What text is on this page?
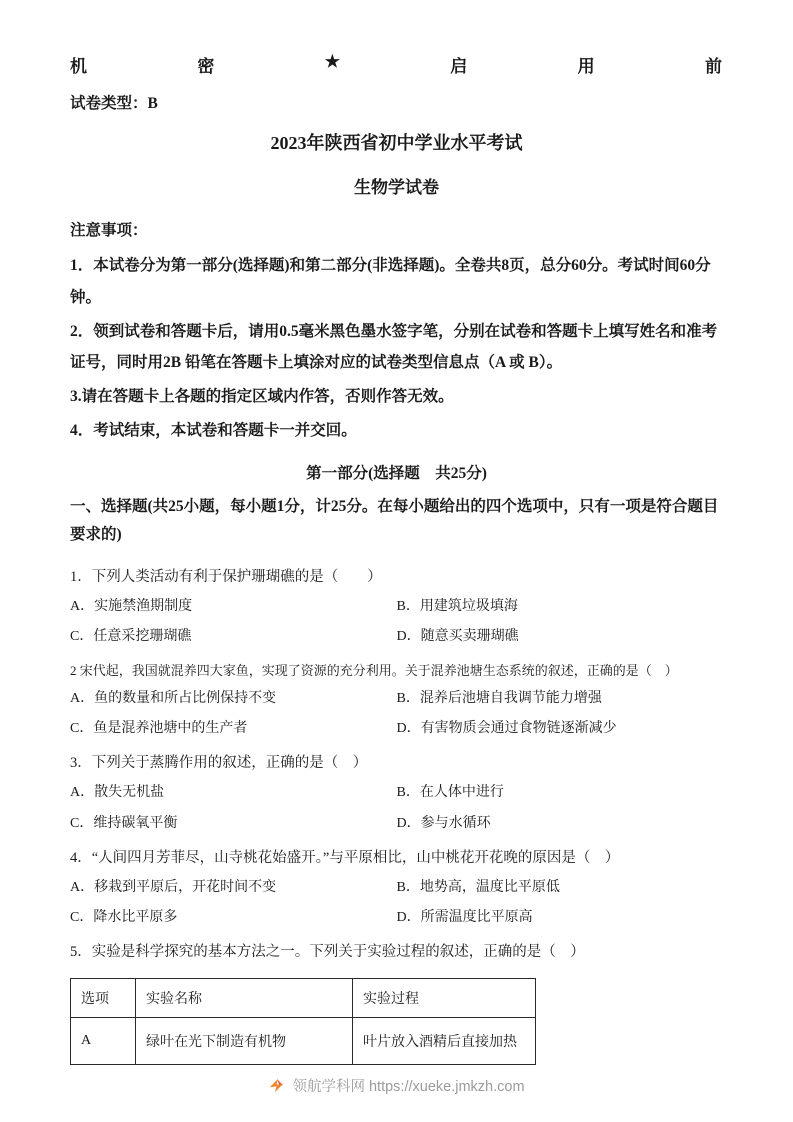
机	密	★	启	用	前
试卷类型：B
2023年陕西省初中学业水平考试
生物学试卷
注意事项：
1．本试卷分为第一部分(选择题)和第二部分(非选择题)。全卷共8页，总分60分。考试时间60分钟。
2．领到试卷和答题卡后，请用0.5毫米黑色墨水签字笔，分别在试卷和答题卡上填写姓名和准考证号，同时用2B 铅笔在答题卡上填涂对应的试卷类型信息点（A 或 B）。
3.请在答题卡上各题的指定区域内作答，否则作答无效。
4．考试结束，本试卷和答题卡一并交回。
第一部分(选择题　共25分)
一、选择题(共25小题，每小题1分，计25分。在每小题给出的四个选项中，只有一项是符合题目要求的)
1．下列人类活动有利于保护珊瑚礁的是（　　）
A．实施禁渔期制度	B．用建筑垃圾填海
C．任意采挖珊瑚礁	D．随意买卖珊瑚礁
2 宋代起，我国就混养四大家鱼，实现了资源的充分利用。关于混养池塘生态系统的叙述，正确的是（　）
A．鱼的数量和所占比例保持不变	B．混养后池塘自我调节能力增强
C．鱼是混养池塘中的生产者	D．有害物质会通过食物链逐渐减少
3．下列关于蒸腾作用的叙述，正确的是（　）
A．散失无机盐	B．在人体中进行
C．维持碳氧平衡	D．参与水循环
4．“人间四月芳菲尽，山寺桃花始盛开。”与平原相比，山中桃花开花晚的原因是（　）
A．移栽到平原后，开花时间不变	B．地势高，温度比平原低
C．降水比平原多	D．所需温度比平原高
5．实验是科学探究的基本方法之一。下列关于实验过程的叙述，正确的是（　）
选项	实验名称	实验过程
A	绿叶在光下制造有机物	叶片放入酒精后直接加热
领航学科网 https://xueke.jmkzh.com
